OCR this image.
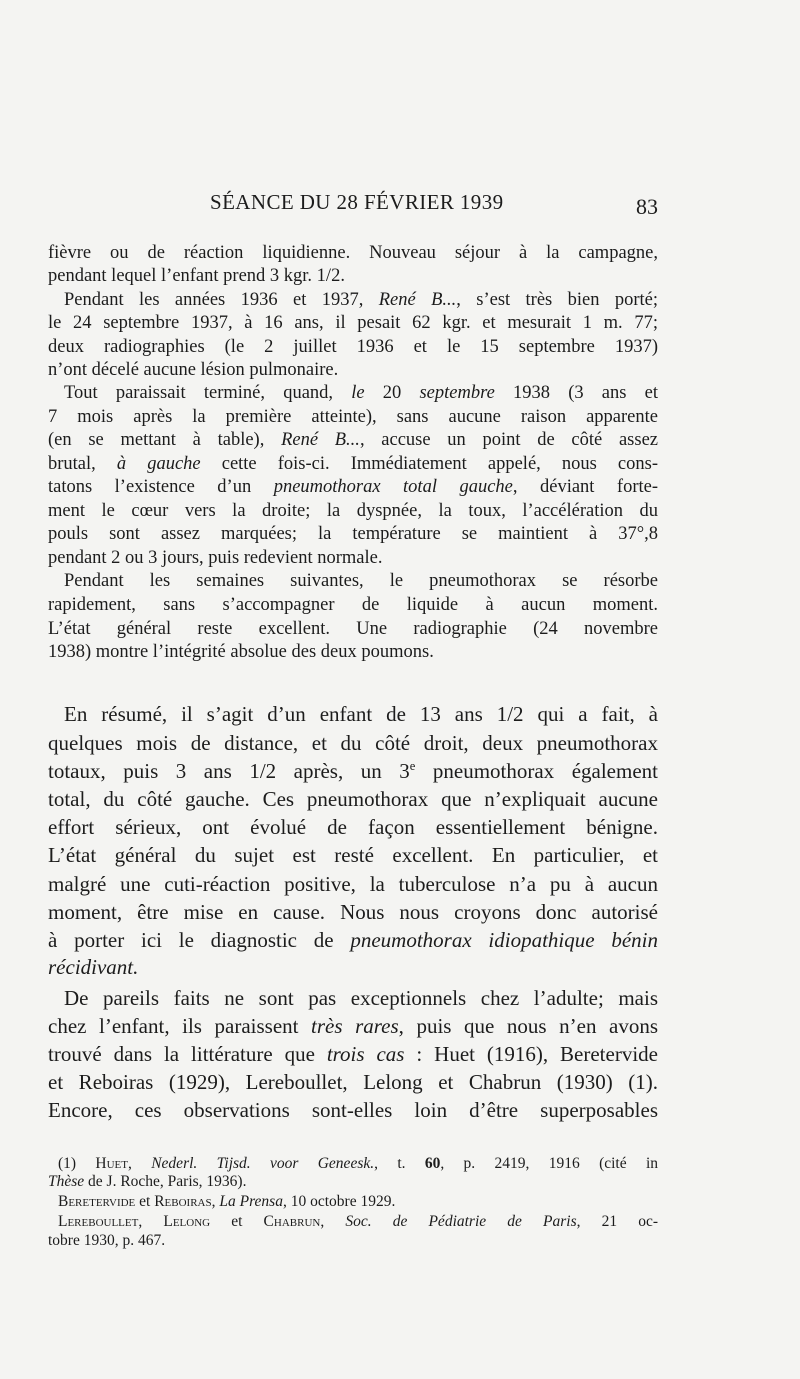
SÉANCE DU 28 FÉVRIER 1939	83
fièvre ou de réaction liquidienne. Nouveau séjour à la campagne,
pendant lequel l’enfant prend 3 kgr. 1/2.
Pendant les années 1936 et 1937, René B..., s’est très bien porté;
le 24 septembre 1937, à 16 ans, il pesait 62 kgr. et mesurait 1 m. 77;
deux radiographies (le 2 juillet 1936 et le 15 septembre 1937)
n’ont décelé aucune lésion pulmonaire.
Tout paraissait terminé, quand, le 20 septembre 1938 (3 ans et
7 mois après la première atteinte), sans aucune raison apparente
(en se mettant à table), René B..., accuse un point de côté assez
brutal, à gauche cette fois-ci. Immédiatement appelé, nous cons-
tatons l’existence d’un pneumothorax total gauche, déviant forte-
ment le cœur vers la droite; la dyspnée, la toux, l’accélération du
pouls sont assez marquées; la température se maintient à 37°,8
pendant 2 ou 3 jours, puis redevient normale.
Pendant les semaines suivantes, le pneumothorax se résorbe
rapidement, sans s’accompagner de liquide à aucun moment.
L’état général reste excellent. Une radiographie (24 novembre
1938) montre l’intégrité absolue des deux poumons.
En résumé, il s’agit d’un enfant de 13 ans 1/2 qui a fait, à
quelques mois de distance, et du côté droit, deux pneumothorax
totaux, puis 3 ans 1/2 après, un 3e pneumothorax également
total, du côté gauche. Ces pneumothorax que n’expliquait aucune
effort sérieux, ont évolué de façon essentiellement bénigne.
L’état général du sujet est resté excellent. En particulier, et
malgré une cuti-réaction positive, la tuberculose n’a pu à aucun
moment, être mise en cause. Nous nous croyons donc autorisé
à porter ici le diagnostic de pneumothorax idiopathique bénin
récidivant.
De pareils faits ne sont pas exceptionnels chez l’adulte; mais
chez l’enfant, ils paraissent très rares, puis que nous n’en avons
trouvé dans la littérature que trois cas : Huet (1916), Beretervide
et Reboiras (1929), Lereboullet, Lelong et Chabrun (1930) (1).
Encore, ces observations sont-elles loin d’être superposables
(1) Huet, Nederl. Tijsd. voor Geneesk., t. 60, p. 2419, 1916 (cité in
Thèse de J. Roche, Paris, 1936).
Beretervide et Reboiras, La Prensa, 10 octobre 1929.
Lereboullet, Lelong et Chabrun, Soc. de Pédiatrie de Paris, 21 oc-
tobre 1930, p. 467.
